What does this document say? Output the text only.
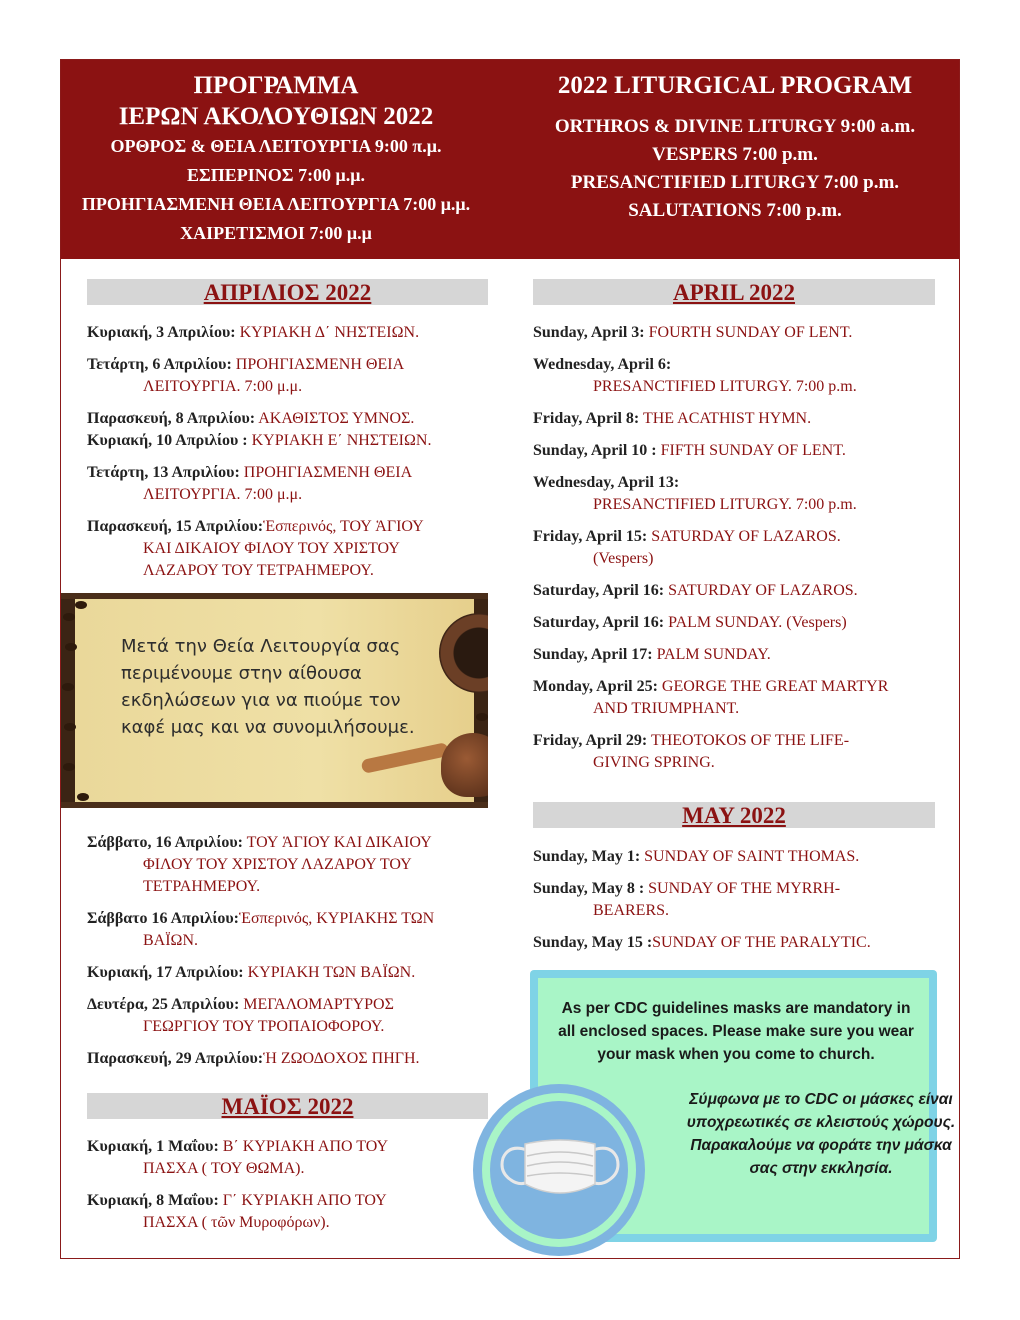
ΠΡΟΓΡΑΜΜΑ
ΙΕΡΩΝ ΑΚΟΛΟΥΘΙΩΝ 2022
ΟΡΘΡΟΣ & ΘΕΙΑ ΛΕΙΤΟΥΡΓΙΑ 9:00 π.μ.
ΕΣΠΕΡΙΝΟΣ 7:00 μ.μ.
ΠΡΟΗΓΙΑΣΜΕΝΗ ΘΕΙΑ ΛΕΙΤΟΥΡΓΙΑ 7:00 μ.μ.
ΧΑΙΡΕΤΙΣΜΟΙ 7:00 μ.μ
2022 LITURGICAL PROGRAM
ORTHROS & DIVINE LITURGY 9:00 a.m.
VESPERS 7:00 p.m.
PRESANCTIFIED LITURGY 7:00 p.m.
SALUTATIONS 7:00 p.m.
ΑΠΡΙΛΙΟΣ 2022
Κυριακή, 3 Απριλίου: ΚΥΡΙΑΚΗ Δ΄ ΝΗΣΤΕΙΩΝ.
Τετάρτη, 6 Απριλίου: ΠΡΟΗΓΙΑΣΜΕΝΗ ΘΕΙΑ
ΛΕΙΤΟΥΡΓΙΑ. 7:00 μ.μ.
Παρασκευή, 8 Απριλίου: ΑΚΑΘΙΣΤΟΣ ΥΜΝΟΣ.
Κυριακή, 10 Απριλίου : ΚΥΡΙΑΚΗ Ε΄ ΝΗΣΤΕΙΩΝ.
Τετάρτη, 13 Απριλίου: ΠΡΟΗΓΙΑΣΜΕΝΗ ΘΕΙΑ
ΛΕΙΤΟΥΡΓΙΑ. 7:00 μ.μ.
Παρασκευή, 15 Απριλίου:Ἑσπερινός, ΤΟΥ ἉΓΙΟΥ
ΚΑΙ ΔΙΚΑΙΟΥ ΦΙΛΟΥ ΤΟΥ ΧΡΙΣΤΟΥ
ΛΑΖΑΡΟΥ ΤΟΥ ΤΕΤΡΑΗΜΕΡΟΥ.
Μετά την Θεία Λειτουργία σας περιμένουμε στην αίθουσα εκδηλώσεων για να πιούμε τον καφέ μας και να συνομιλήσουμε.
Σάββατο, 16 Απριλίου: ΤΟΥ ἉΓΙΟΥ ΚΑΙ ΔΙΚΑΙΟΥ
ΦΙΛΟΥ ΤΟΥ ΧΡΙΣΤΟΥ ΛΑΖΑΡΟΥ ΤΟΥ
ΤΕΤΡΑΗΜΕΡΟΥ.
Σάββατο 16 Απριλίου:Ἑσπερινός, ΚΥΡΙΑΚΗΣ ΤΩΝ
ΒΑΪΩΝ.
Κυριακή, 17 Απριλίου: ΚΥΡΙΑΚΗ ΤΩΝ ΒΑΪΩΝ.
Δευτέρα, 25 Απριλίου: ΜΕΓΑΛΟΜΑΡΤΥΡΟΣ
ΓΕΩΡΓΙΟΥ ΤΟΥ ΤΡΟΠΑΙΟΦΟΡΟΥ.
Παρασκευή, 29 Απριλίου:Ἡ ΖΩΟΔΟΧΟΣ ΠΗΓΗ.
ΜΑΪΟΣ 2022
Κυριακή, 1 Μαΐου: Β΄ ΚΥΡΙΑΚΗ ΑΠΟ ΤΟΥ
ΠΑΣΧΑ ( ΤΟΥ ΘΩΜΑ).
Κυριακή, 8 Μαΐου: Γ΄ ΚΥΡΙΑΚΗ ΑΠΟ ΤΟΥ
ΠΑΣΧΑ ( τῶν Μυροφόρων).
APRIL 2022
Sunday, April 3: FOURTH SUNDAY OF LENT.
Wednesday, April 6:
PRESANCTIFIED LITURGY. 7:00 p.m.
Friday, April 8: THE ACATHIST HYMN.
Sunday, April 10 : FIFTH SUNDAY OF LENT.
Wednesday, April 13:
PRESANCTIFIED LITURGY. 7:00 p.m.
Friday, April 15: SATURDAY OF LAZAROS.
(Vespers)
Saturday, April 16: SATURDAY OF LAZAROS.
Saturday, April 16: PALM SUNDAY. (Vespers)
Sunday, April 17: PALM SUNDAY.
Monday, April 25: GEORGE THE GREAT MARTYR
AND TRIUMPHANT.
Friday, April 29: THEOTOKOS OF THE LIFE-
GIVING SPRING.
MAY 2022
Sunday, May 1: SUNDAY OF SAINT THOMAS.
Sunday, May 8 : SUNDAY OF THE MYRRH-
BEARERS.
Sunday, May 15 :SUNDAY OF THE PARALYTIC.
As per CDC guidelines masks are mandatory in all enclosed spaces. Please make sure you wear your mask when you come to church.
Σύμφωνα με το CDC οι μάσκες είναι υποχρεωτικές σε κλειστούς χώρους. Παρακαλούμε να φοράτε την μάσκα σας στην εκκλησία.
